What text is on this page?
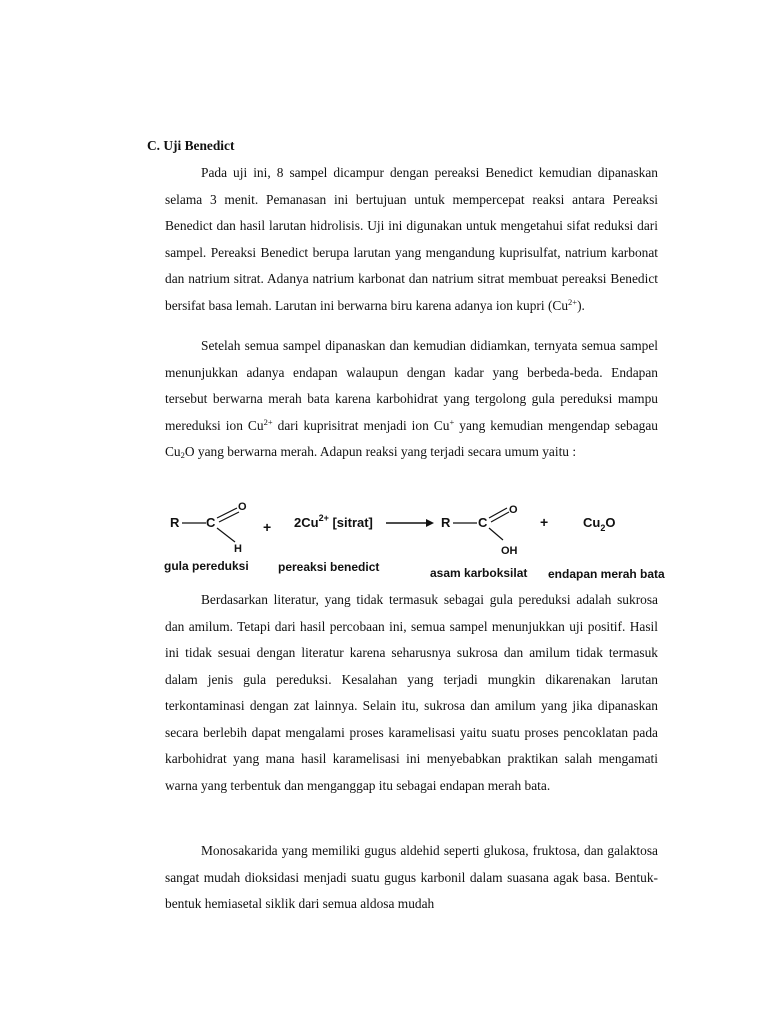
C. Uji Benedict

Pada uji ini, 8 sampel dicampur dengan pereaksi Benedict kemudian dipanaskan selama 3 menit. Pemanasan ini bertujuan untuk mempercepat reaksi antara Pereaksi Benedict dan hasil larutan hidrolisis. Uji ini digunakan untuk mengetahui sifat reduksi dari sampel. Pereaksi Benedict berupa larutan yang mengandung kuprisulfat, natrium karbonat dan natrium sitrat. Adanya natrium karbonat dan natrium sitrat membuat pereaksi Benedict bersifat basa lemah. Larutan ini berwarna biru karena adanya ion kupri $(Cu^{2+})$.

Setelah semua sampel dipanaskan dan kemudian didiamkan, ternyata semua sampel menunjukkan adanya endapan walaupun dengan kadar yang berbeda-beda. Endapan tersebut berwarna merah bata karena karbohidrat yang tergolong gula pereduksi mampu mereduksi ion $Cu^{2+}$ dari kuprisitrat menjadi ion Cu+ yang kemudian mengendap sebagau $Cu_2O$ yang berwarna merah. Adapun reaksi yang terjadi secara umum yaitu :

R C
O
H
+ $2Cu^{2+}$ [sitrat]	R C
O
OH
+	$Cu_2O$
gula pereduksi pereaksi benedict	asam karboksilat endapan merah bata

Berdasarkan literatur, yang tidak termasuk sebagai gula pereduksi adalah sukrosa dan amilum. Tetapi dari hasil percobaan ini, semua sampel menunjukkan uji positif. Hasil ini tidak sesuai dengan literatur karena seharusnya sukrosa dan amilum tidak termasuk dalam jenis gula pereduksi. Kesalahan yang terjadi mungkin dikarenakan larutan terkontaminasi dengan zat lainnya. Selain itu, sukrosa dan amilum yang jika dipanaskan secara berlebih dapat mengalami proses karamelisasi yaitu suatu proses pencoklatan pada karbohidrat yang mana hasil karamelisasi ini menyebabkan praktikan salah mengamati warna yang terbentuk dan menganggap itu sebagai endapan merah bata.

Monosakarida yang memiliki gugus aldehid seperti glukosa, fruktosa, dan galaktosa sangat mudah dioksidasi menjadi suatu gugus karbonil dalam suasana agak basa. Bentuk-bentuk hemiasetal siklik dari semua aldosa mudah
